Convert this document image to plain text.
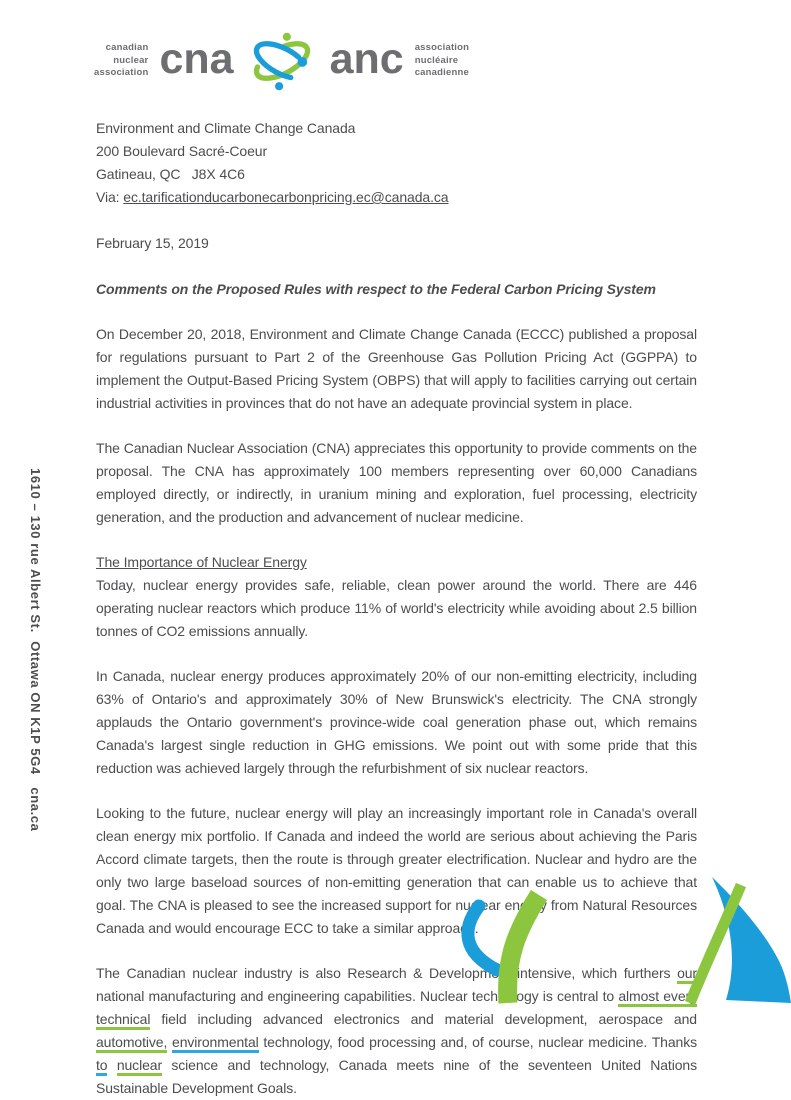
canadian
nuclear
association cna anc association
nucléaire
canadienne
1610 – 130 rue Albert St.  Ottawa ON K1P 5G4   cna.ca
Environment and Climate Change Canada
200 Boulevard Sacré-Coeur
Gatineau, QC   J8X 4C6
Via: ec.tarificationducarbonecarbonpricing.ec@canada.ca
February 15, 2019
Comments on the Proposed Rules with respect to the Federal Carbon Pricing System

On December 20, 2018, Environment and Climate Change Canada (ECCC) published a proposal for regulations pursuant to Part 2 of the Greenhouse Gas Pollution Pricing Act (GGPPA) to implement the Output-Based Pricing System (OBPS) that will apply to facilities carrying out certain industrial activities in provinces that do not have an adequate provincial system in place.

The Canadian Nuclear Association (CNA) appreciates this opportunity to provide comments on the proposal. The CNA has approximately 100 members representing over 60,000 Canadians employed directly, or indirectly, in uranium mining and exploration, fuel processing, electricity generation, and the production and advancement of nuclear medicine.

The Importance of Nuclear Energy

Today, nuclear energy provides safe, reliable, clean power around the world. There are 446 operating nuclear reactors which produce 11% of world's electricity while avoiding about 2.5 billion tonnes of CO2 emissions annually.

In Canada, nuclear energy produces approximately 20% of our non-emitting electricity, including 63% of Ontario's and approximately 30% of New Brunswick's electricity. The CNA strongly applauds the Ontario government's province-wide coal generation phase out, which remains Canada's largest single reduction in GHG emissions. We point out with some pride that this reduction was achieved largely through the refurbishment of six nuclear reactors.

Looking to the future, nuclear energy will play an increasingly important role in Canada's overall clean energy mix portfolio. If Canada and indeed the world are serious about achieving the Paris Accord climate targets, then the route is through greater electrification. Nuclear and hydro are the only two large baseload sources of non-emitting generation that can enable us to achieve that goal. The CNA is pleased to see the increased support for nuclear energy from Natural Resources Canada and would encourage ECC to take a similar approach.

The Canadian nuclear industry is also Research & Development intensive, which furthers our national manufacturing and engineering capabilities. Nuclear technology is central to almost every technical field including advanced electronics and material development, aerospace and automotive, environmental technology, food processing and, of course, nuclear medicine. Thanks to nuclear science and technology, Canada meets nine of the seventeen United Nations Sustainable Development Goals.
